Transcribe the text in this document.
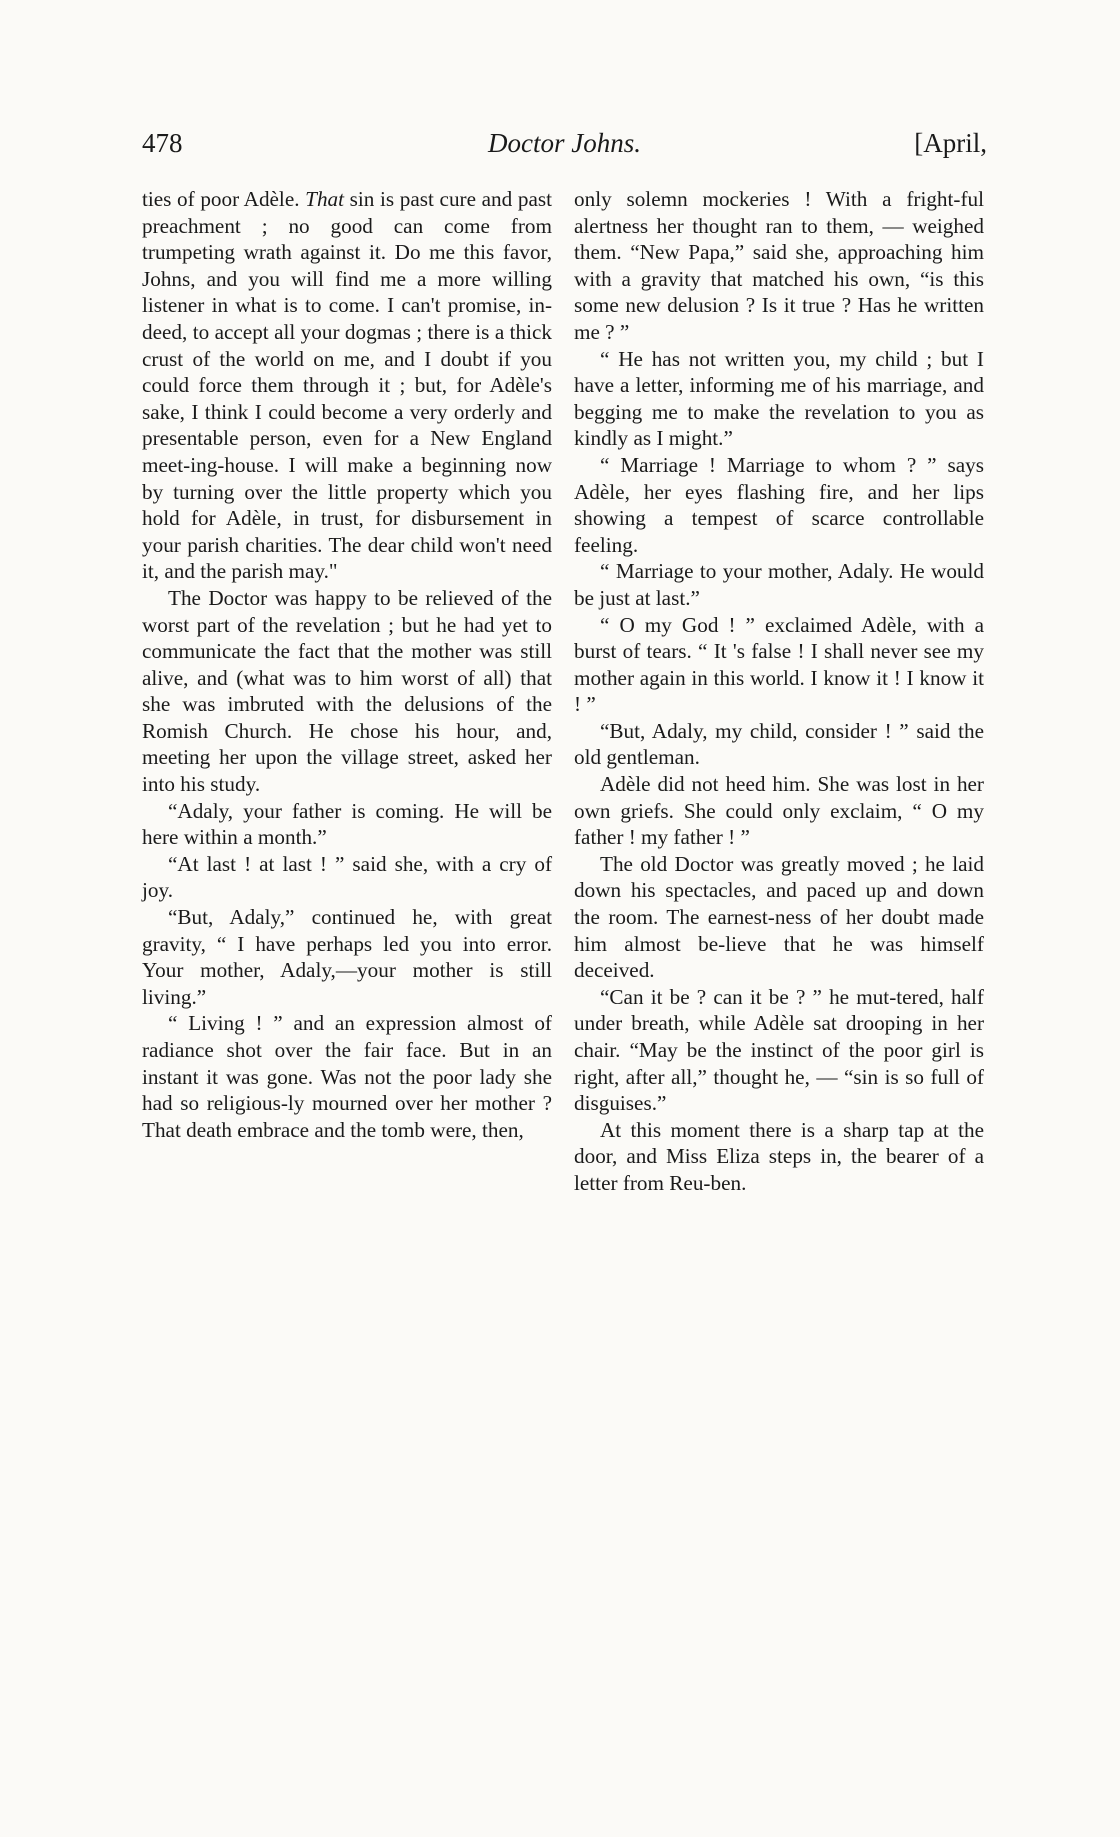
478	Doctor Johns.	[April,

ties of poor Adèle. That sin is past cure and past preachment ; no good can come from trumpeting wrath against it. Do me this favor, Johns, and you will find me a more willing listener in what is to come. I can't promise, in-deed, to accept all your dogmas ; there is a thick crust of the world on me, and I doubt if you could force them through it ; but, for Adèle's sake, I think I could become a very orderly and presentable person, even for a New England meet-ing-house. I will make a beginning now by turning over the little property which you hold for Adèle, in trust, for disbursement in your parish charities. The dear child won't need it, and the parish may."

The Doctor was happy to be relieved of the worst part of the revelation ; but he had yet to communicate the fact that the mother was still alive, and (what was to him worst of all) that she was imbruted with the delusions of the Romish Church. He chose his hour, and, meeting her upon the village street, asked her into his study.

“Adaly, your father is coming. He will be here within a month.”

“At last ! at last ! ” said she, with a cry of joy.

“But, Adaly,” continued he, with great gravity, “ I have perhaps led you into error. Your mother, Adaly,—your mother is still living.”

“ Living ! ” and an expression almost of radiance shot over the fair face. But in an instant it was gone. Was not the poor lady she had so religious-ly mourned over her mother ? That death embrace and the tomb were, then,

only solemn mockeries ! With a fright-ful alertness her thought ran to them, — weighed them. “New Papa,” said she, approaching him with a gravity that matched his own, “is this some new delusion ? Is it true ? Has he written me ? ”

“ He has not written you, my child ; but I have a letter, informing me of his marriage, and begging me to make the revelation to you as kindly as I might.”

“ Marriage ! Marriage to whom ? ” says Adèle, her eyes flashing fire, and her lips showing a tempest of scarce controllable feeling.

“ Marriage to your mother, Adaly. He would be just at last.”

“ O my God ! ” exclaimed Adèle, with a burst of tears. “ It 's false ! I shall never see my mother again in this world. I know it ! I know it ! ”

“But, Adaly, my child, consider ! ” said the old gentleman.

Adèle did not heed him. She was lost in her own griefs. She could only exclaim, “ O my father ! my father ! ”

The old Doctor was greatly moved ; he laid down his spectacles, and paced up and down the room. The earnest-ness of her doubt made him almost be-lieve that he was himself deceived.

“Can it be ? can it be ? ” he mut-tered, half under breath, while Adèle sat drooping in her chair. “May be the instinct of the poor girl is right, after all,” thought he, — “sin is so full of disguises.”

At this moment there is a sharp tap at the door, and Miss Eliza steps in, the bearer of a letter from Reu-ben.
